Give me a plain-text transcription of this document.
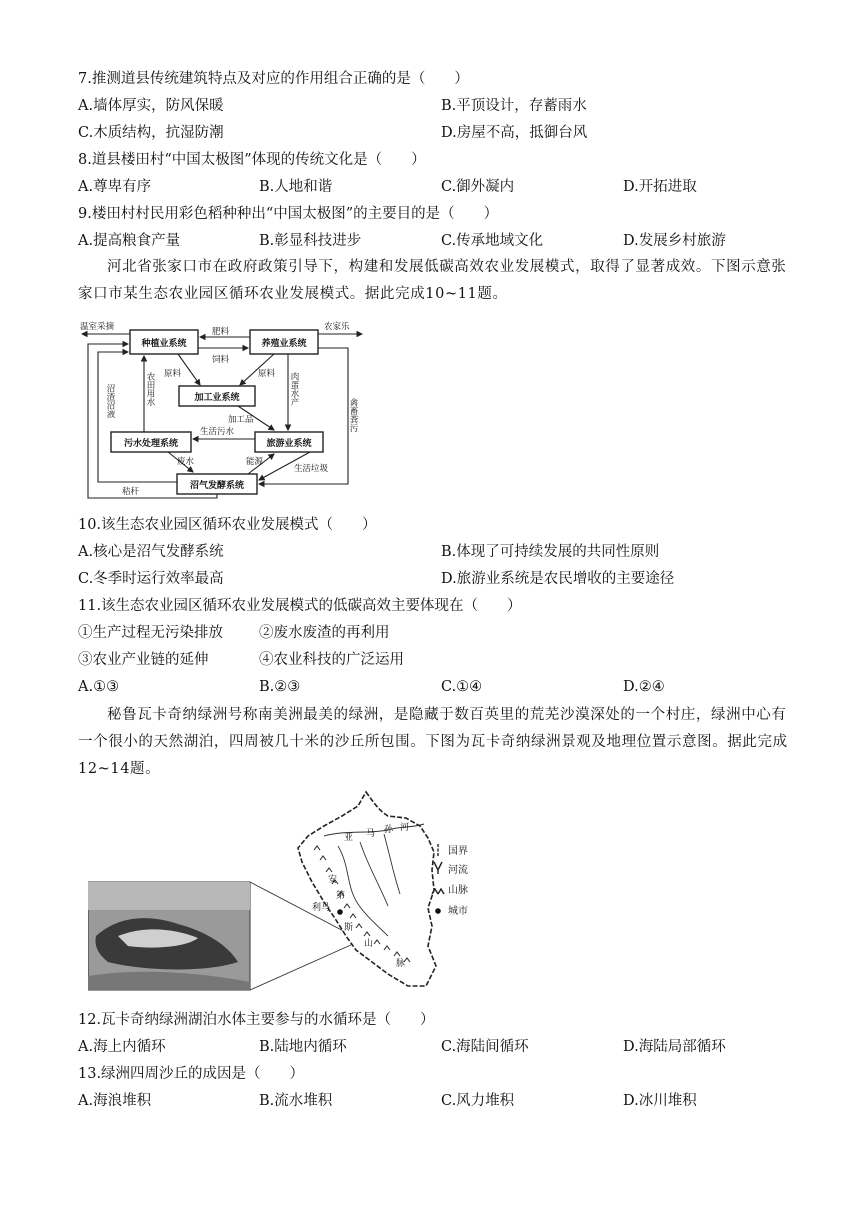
7.推测道县传统建筑特点及对应的作用组合正确的是（　　）
A.墙体厚实，防风保暖	B.平顶设计，存蓄雨水
C.木质结构，抗湿防潮	D.房屋不高，抵御台风
8.道县楼田村“中国太极图”体现的传统文化是（　　）
A.尊卑有序	B.人地和谐	C.御外凝内	D.开拓进取
9.楼田村村民用彩色稻种种出“中国太极图”的主要目的是（　　）
A.提高粮食产量	B.彰显科技进步	C.传承地域文化	D.发展乡村旅游
河北省张家口市在政府政策引导下，构建和发展低碳高效农业发展模式，取得了显著成效。下图示意张家口市某生态农业园区循环农业发展模式。据此完成10~11题。
种植业系统	养殖业系统
加工业系统
污水处理系统	旅游业系统
沼气发酵系统
温室采摘	农家乐
肥料
饲料
原料	原料
加工品
生活污水
废水	能源
生活垃圾
秸秆
农田用水
沼渣沼液	肉蛋水产
禽畜粪污
10.该生态农业园区循环农业发展模式（　　）
A.核心是沼气发酵系统	B.体现了可持续发展的共同性原则
C.冬季时运行效率最高	D.旅游业系统是农民增收的主要途径
11.该生态农业园区循环农业发展模式的低碳高效主要体现在（　　）
①生产过程无污染排放 ②废水废渣的再利用
③农业产业链的延伸	④农业科技的广泛运用
A.①③	B.②③	C.①④	D.②④
秘鲁瓦卡奇纳绿洲号称南美洲最美的绿洲，是隐藏于数百英里的荒芜沙漠深处的一个村庄，绿洲中心有一个很小的天然湖泊，四周被几十米的沙丘所包围。下图为瓦卡奇纳绿洲景观及地理位置示意图。据此完成12~14题。
亚 马 孙 河
利马
安
第
斯
山
脉
国界
河流
山脉
城市
12.瓦卡奇纳绿洲湖泊水体主要参与的水循环是（　　）
A.海上内循环	B.陆地内循环	C.海陆间循环	D.海陆局部循环
13.绿洲四周沙丘的成因是（　　）
A.海浪堆积	B.流水堆积	C.风力堆积	D.冰川堆积
